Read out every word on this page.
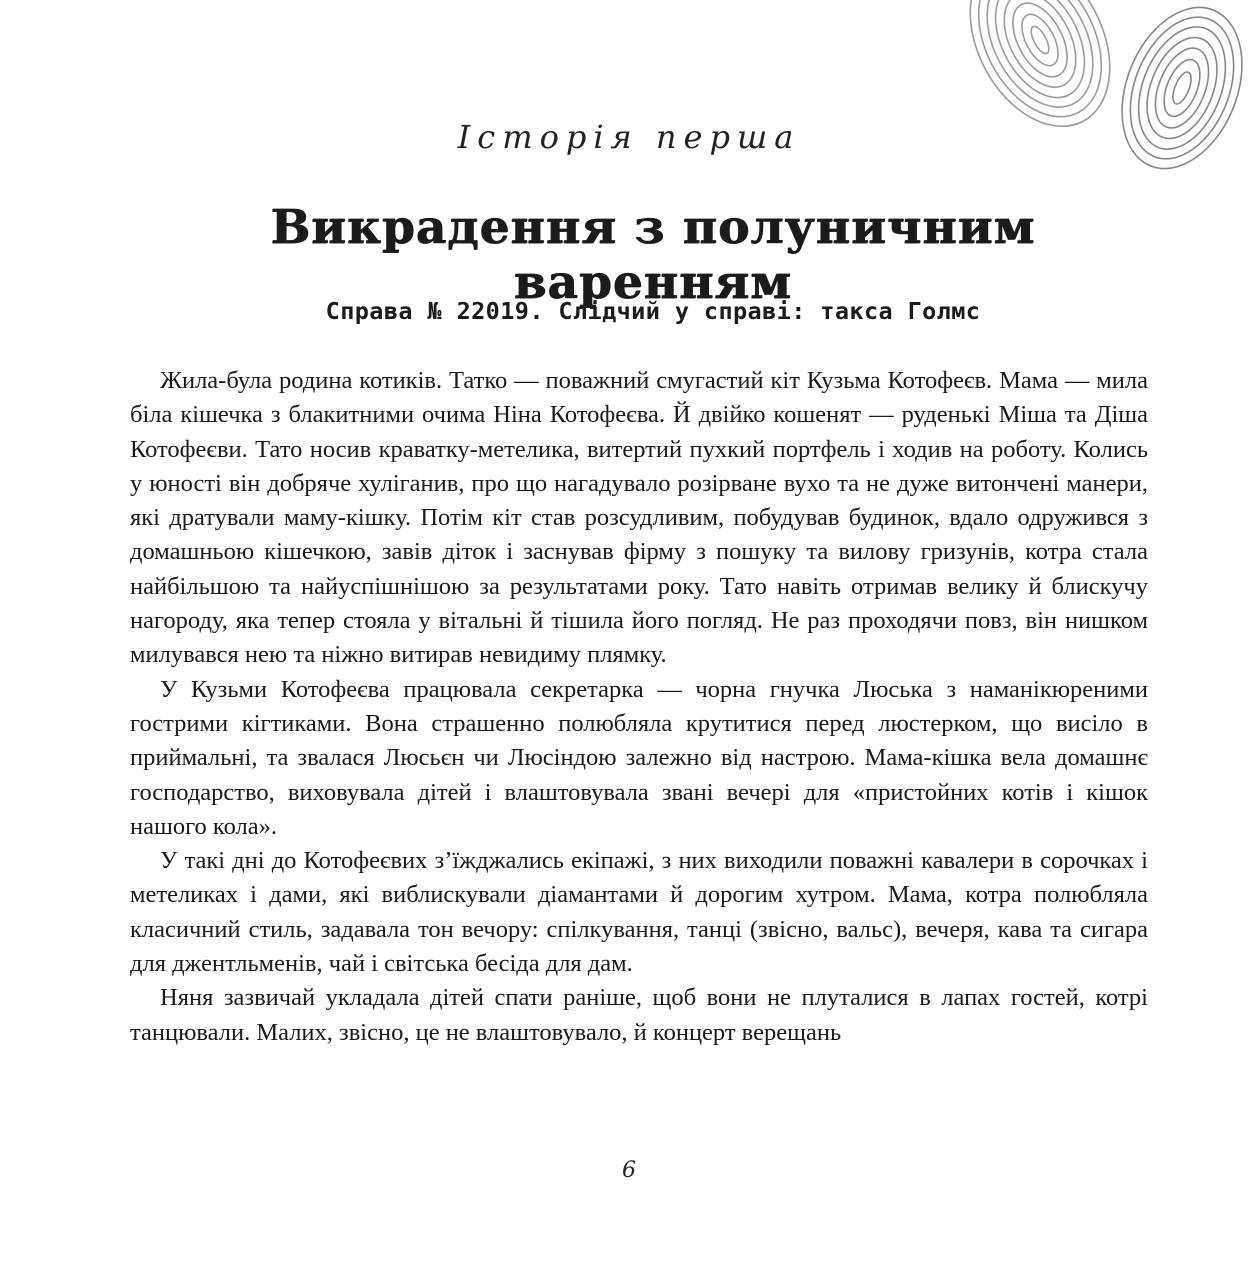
Історія перша
Викрадення з полуничним варенням
Справа № 22019. Слідчий у справі: такса Голмс

Жила-була родина котиків. Татко — поважний смугастий кіт Кузьма Котофеєв. Мама — мила біла кішечка з блакитними очима Ніна Котофеєва. Й двійко кошенят — руденькі Міша та Діша Котофеєви. Тато носив краватку-метелика, витертий пухкий портфель і ходив на роботу. Колись у юності він добряче хуліганив, про що нагадувало розірване вухо та не дуже витончені манери, які дратували маму-кішку. Потім кіт став розсудливим, побудував будинок, вдало одружився з домашньою кішечкою, завів діток і заснував фірму з пошуку та вилову гризунів, котра стала найбільшою та найуспішнішою за результатами року. Тато навіть отримав велику й блискучу нагороду, яка тепер стояла у вітальні й тішила його погляд. Не раз проходячи повз, він нишком милувався нею та ніжно витирав невидиму плямку.

У Кузьми Котофеєва працювала секретарка — чорна гнучка Люська з наманікюреними гострими кігтиками. Вона страшенно полюбляла крутитися перед люстерком, що висіло в приймальні, та звалася Люсьєн чи Люсіндою залежно від настрою. Мама-кішка вела домашнє господарство, виховувала дітей і влаштовувала звані вечері для «пристойних котів і кішок нашого кола».

У такі дні до Котофеєвих з’їжджались екіпажі, з них виходили поважні кавалери в сорочках і метеликах і дами, які виблискували діамантами й дорогим хутром. Мама, котра полюбляла класичний стиль, задавала тон вечору: спілкування, танці (звісно, вальс), вечеря, кава та сигара для джентльменів, чай і світська бесіда для дам.

Няня зазвичай укладала дітей спати раніше, щоб вони не плуталися в лапах гостей, котрі танцювали. Малих, звісно, це не влаштовувало, й концерт верещань

6
